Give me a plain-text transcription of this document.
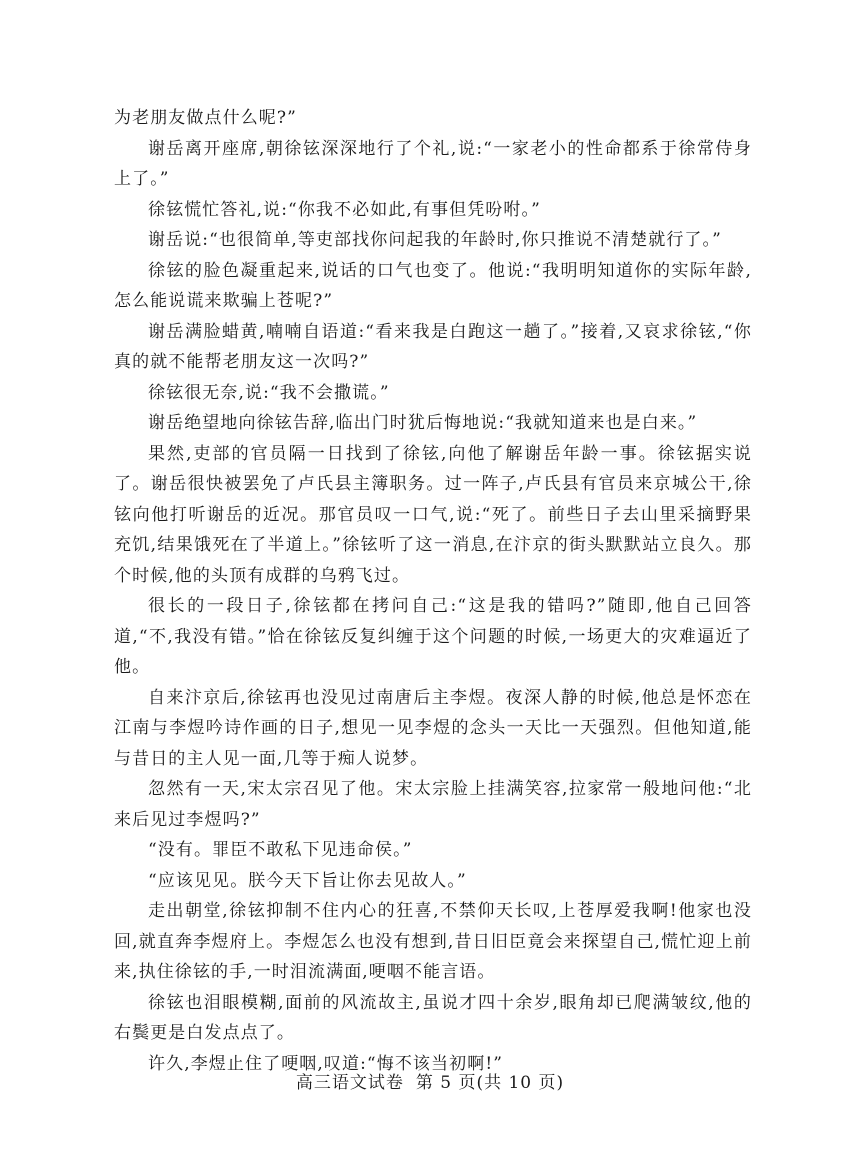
为老朋友做点什么呢?”

谢岳离开座席,朝徐铉深深地行了个礼,说:“一家老小的性命都系于徐常侍身上了。”

徐铉慌忙答礼,说:“你我不必如此,有事但凭吩咐。”

谢岳说:“也很简单,等吏部找你问起我的年龄时,你只推说不清楚就行了。”

徐铉的脸色凝重起来,说话的口气也变了。他说:“我明明知道你的实际年龄,怎么能说谎来欺骗上苍呢?”

谢岳满脸蜡黄,喃喃自语道:“看来我是白跑这一趟了。”接着,又哀求徐铉,“你真的就不能帮老朋友这一次吗?”

徐铉很无奈,说:“我不会撒谎。”

谢岳绝望地向徐铉告辞,临出门时犹后悔地说:“我就知道来也是白来。”

果然,吏部的官员隔一日找到了徐铉,向他了解谢岳年龄一事。徐铉据实说了。谢岳很快被罢免了卢氏县主簿职务。过一阵子,卢氏县有官员来京城公干,徐铉向他打听谢岳的近况。那官员叹一口气,说:“死了。前些日子去山里采摘野果充饥,结果饿死在了半道上。”徐铉听了这一消息,在汴京的街头默默站立良久。那个时候,他的头顶有成群的乌鸦飞过。

很长的一段日子,徐铉都在拷问自己:“这是我的错吗?”随即,他自己回答道,“不,我没有错。”恰在徐铉反复纠缠于这个问题的时候,一场更大的灾难逼近了他。

自来汴京后,徐铉再也没见过南唐后主李煜。夜深人静的时候,他总是怀恋在江南与李煜吟诗作画的日子,想见一见李煜的念头一天比一天强烈。但他知道,能与昔日的主人见一面,几等于痴人说梦。

忽然有一天,宋太宗召见了他。宋太宗脸上挂满笑容,拉家常一般地问他:“北来后见过李煜吗?”

“没有。罪臣不敢私下见违命侯。”

“应该见见。朕今天下旨让你去见故人。”

走出朝堂,徐铉抑制不住内心的狂喜,不禁仰天长叹,上苍厚爱我啊!他家也没回,就直奔李煜府上。李煜怎么也没有想到,昔日旧臣竟会来探望自己,慌忙迎上前来,执住徐铉的手,一时泪流满面,哽咽不能言语。

徐铉也泪眼模糊,面前的风流故主,虽说才四十余岁,眼角却已爬满皱纹,他的右鬓更是白发点点了。

许久,李煜止住了哽咽,叹道:“悔不该当初啊!”

高三语文试卷 第 5 页(共 10 页)
